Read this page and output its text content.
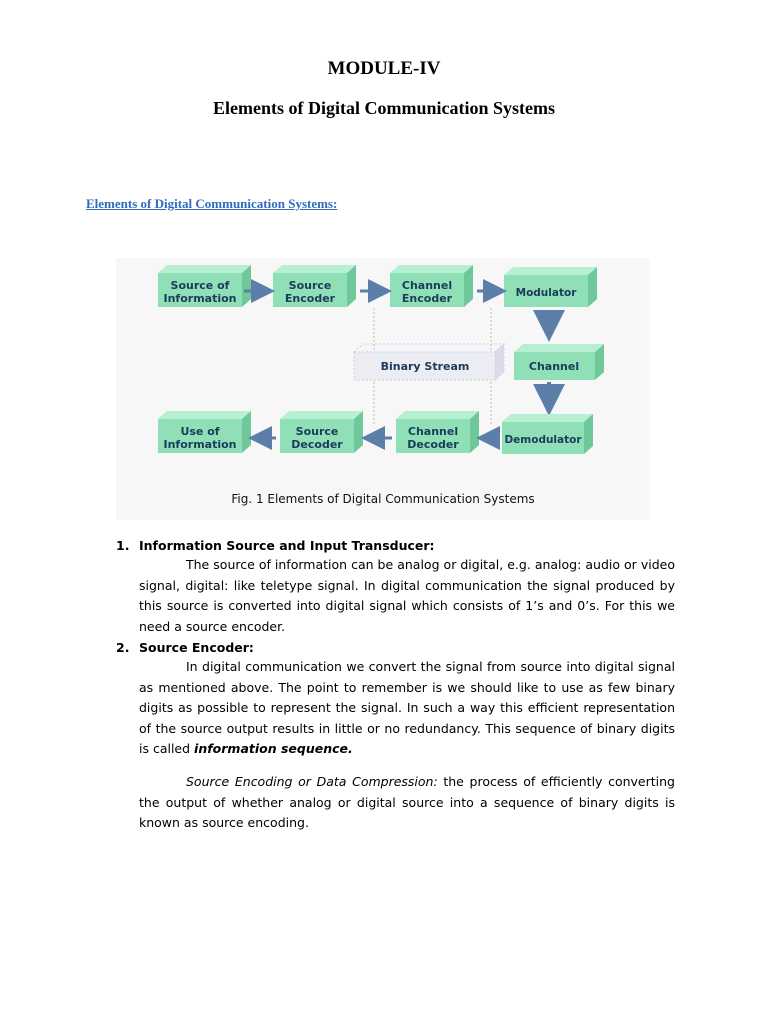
MODULE-IV
Elements of Digital Communication Systems
Elements of Digital Communication Systems:
Source of
Information
Source
Encoder
Channel
Encoder	Modulator
Binary Stream	Channel
Use of
Information
Source
Decoder
Channel
Decoder	Demodulator
Fig. 1 Elements of Digital Communication Systems
1. Information Source and Input Transducer:

The source of information can be analog or digital, e.g. analog: audio or video signal, digital: like teletype signal. In digital communication the signal produced by this source is converted into digital signal which consists of 1’s and 0’s. For this we need a source encoder.

2. Source Encoder:

In digital communication we convert the signal from source into digital signal as mentioned above. The point to remember is we should like to use as few binary digits as possible to represent the signal. In such a way this efficient representation of the source output results in little or no redundancy. This sequence of binary digits is called information sequence.

Source Encoding or Data Compression: the process of efficiently converting the output of whether analog or digital source into a sequence of binary digits is known as source encoding.
